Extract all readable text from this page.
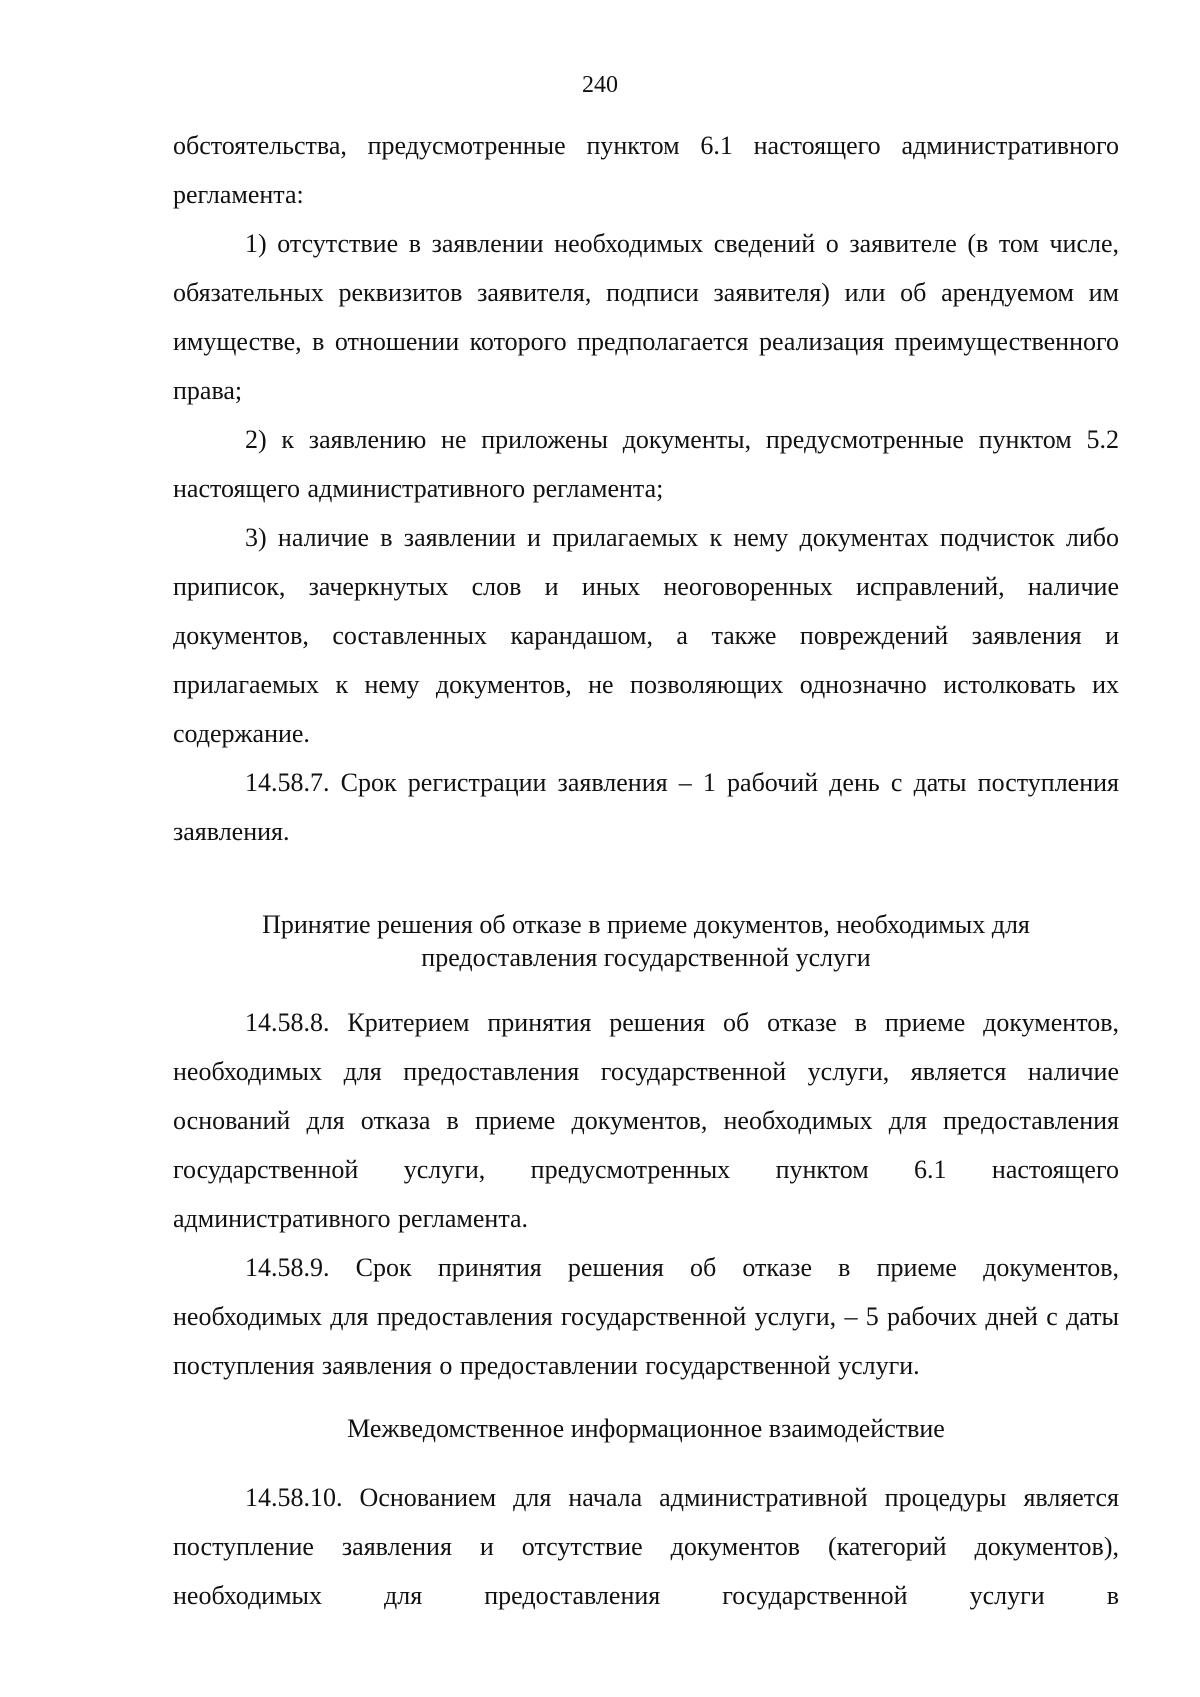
240

обстоятельства, предусмотренные пунктом 6.1 настоящего административного регламента:

1) отсутствие в заявлении необходимых сведений о заявителе (в том числе, обязательных реквизитов заявителя, подписи заявителя) или об арендуемом им имуществе, в отношении которого предполагается реализация преимущественного права;

2) к заявлению не приложены документы, предусмотренные пунктом 5.2 настоящего административного регламента;

3) наличие в заявлении и прилагаемых к нему документах подчисток либо приписок, зачеркнутых слов и иных неоговоренных исправлений, наличие документов, составленных карандашом, а также повреждений заявления и прилагаемых к нему документов, не позволяющих однозначно истолковать их содержание.

14.58.7. Срок регистрации заявления – 1 рабочий день с даты поступления заявления.

Принятие решения об отказе в приеме документов, необходимых для

предоставления государственной услуги

14.58.8. Критерием принятия решения об отказе в приеме документов, необходимых для предоставления государственной услуги, является наличие оснований для отказа в приеме документов, необходимых для предоставления государственной услуги, предусмотренных пунктом 6.1 настоящего административного регламента.

14.58.9. Срок принятия решения об отказе в приеме документов, необходимых для предоставления государственной услуги, – 5 рабочих дней с даты поступления заявления о предоставлении государственной услуги.

Межведомственное информационное взаимодействие

14.58.10. Основанием для начала административной процедуры является поступление заявления и отсутствие документов (категорий документов), необходимых для предоставления государственной услуги в
